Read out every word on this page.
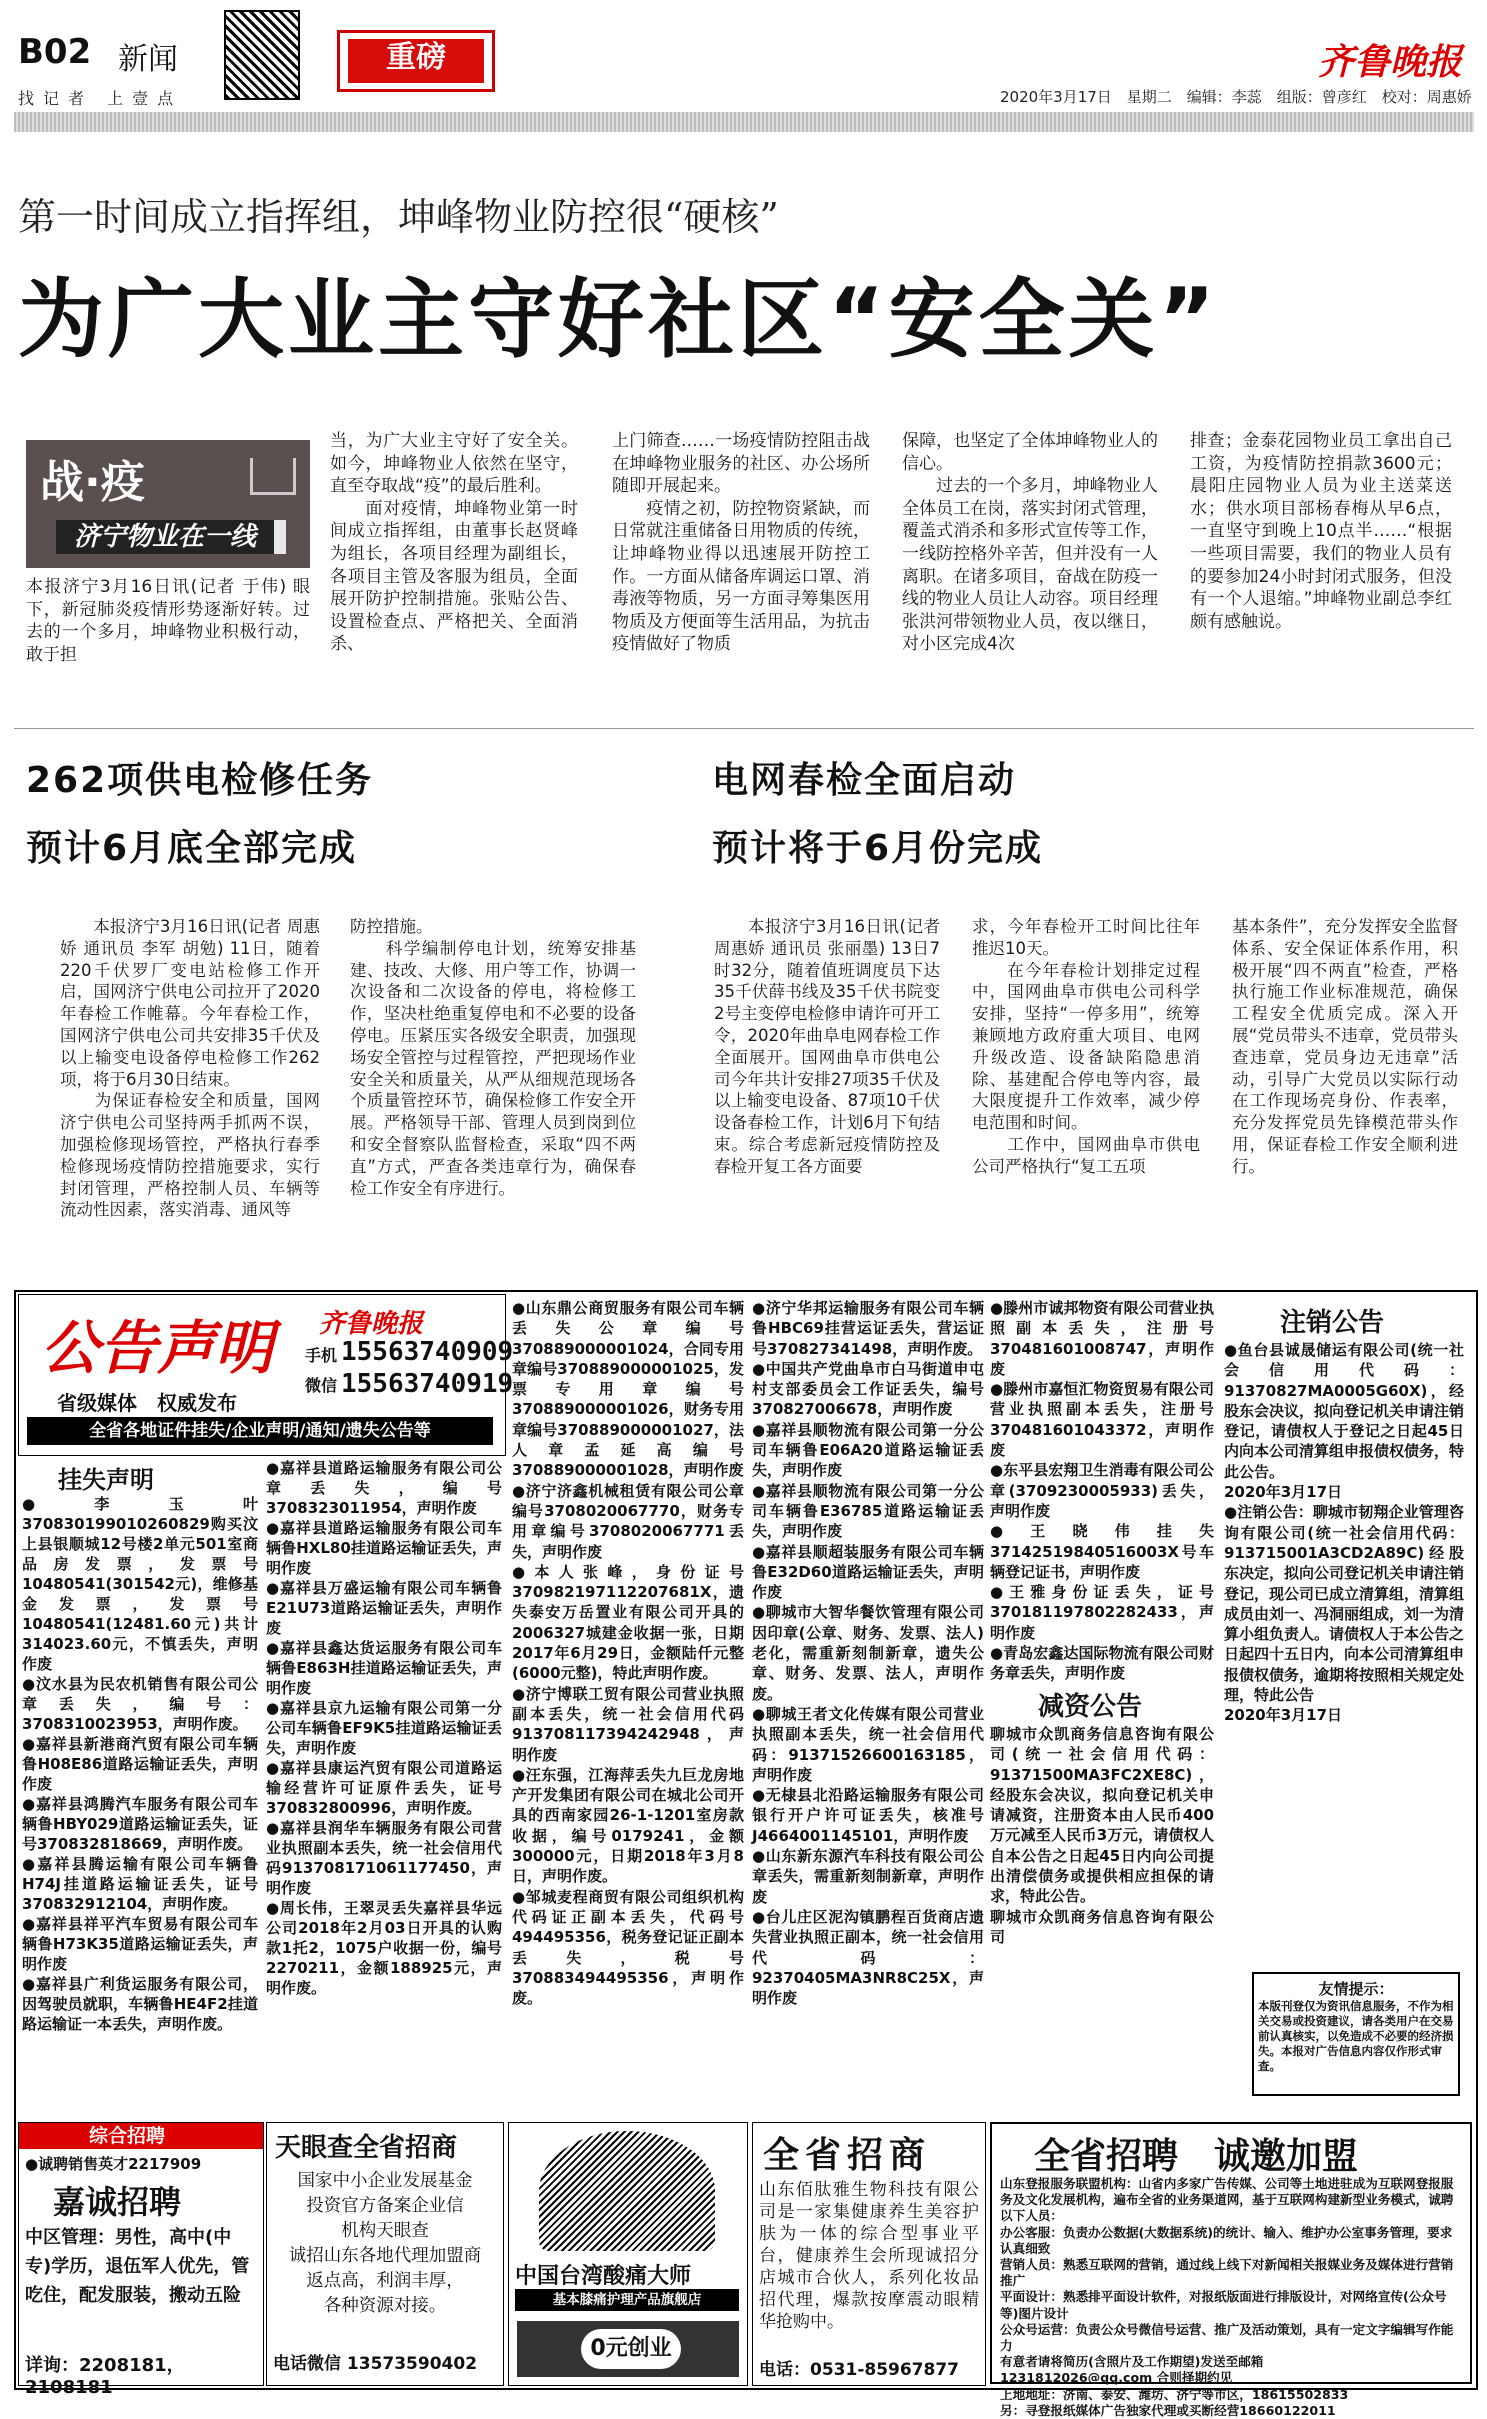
B02 新闻
找记者 上壹点
重磅	齐鲁晚报
2020年3月17日　星期二　编辑：李蕊　组版：曾彦红　校对：周惠娇
第一时间成立指挥组，坤峰物业防控很“硬核”
为广大业主守好社区“安全关”
战·疫
济宁物业在一线
本报济宁3月16日讯(记者 于伟) 眼下，新冠肺炎疫情形势逐渐好转。过去的一个多月，坤峰物业积极行动，敢于担
当，为广大业主守好了安全关。如今，坤峰物业人依然在坚守，直至夺取战“疫”的最后胜利。
　　面对疫情，坤峰物业第一时间成立指挥组，由董事长赵贤峰为组长，各项目经理为副组长，各项目主管及客服为组员，全面展开防护控制措施。张贴公告、设置检查点、严格把关、全面消杀、
上门筛查……一场疫情防控阻击战在坤峰物业服务的社区、办公场所随即开展起来。
　　疫情之初，防控物资紧缺，而日常就注重储备日用物质的传统，让坤峰物业得以迅速展开防控工作。一方面从储备库调运口罩、消毒液等物质，另一方面寻筹集医用物质及方便面等生活用品，为抗击疫情做好了物质
保障，也坚定了全体坤峰物业人的信心。
　　过去的一个多月，坤峰物业人全体员工在岗，落实封闭式管理，覆盖式消杀和多形式宣传等工作，一线防控格外辛苦，但并没有一人离职。在诸多项目，奋战在防疫一线的物业人员让人动容。项目经理张洪河带领物业人员，夜以继日，对小区完成4次
排查；金泰花园物业员工拿出自己工资，为疫情防控捐款3600元；晨阳庄园物业人员为业主送菜送水；供水项目部杨春梅从早6点，一直坚守到晚上10点半……“根据一些项目需要，我们的物业人员有的要参加24小时封闭式服务，但没有一个人退缩。”坤峰物业副总李红颇有感触说。
262项供电检修任务
预计6月底全部完成
　　本报济宁3月16日讯(记者 周惠娇 通讯员 李军 胡勉) 11日，随着220千伏罗厂变电站检修工作开启，国网济宁供电公司拉开了2020年春检工作帷幕。今年春检工作，国网济宁供电公司共安排35千伏及以上输变电设备停电检修工作262项，将于6月30日结束。
　　为保证春检安全和质量，国网济宁供电公司坚持两手抓两不误，加强检修现场管控，严格执行春季检修现场疫情防控措施要求，实行封闭管理，严格控制人员、车辆等流动性因素，落实消毒、通风等
防控措施。
　　科学编制停电计划，统筹安排基建、技改、大修、用户等工作，协调一次设备和二次设备的停电，将检修工作，坚决杜绝重复停电和不必要的设备停电。压紧压实各级安全职责，加强现场安全管控与过程管控，严把现场作业安全关和质量关，从严从细规范现场各个质量管控环节，确保检修工作安全开展。严格领导干部、管理人员到岗到位和安全督察队监督检查，采取“四不两直”方式，严查各类违章行为，确保春检工作安全有序进行。
电网春检全面启动
预计将于6月份完成
　　本报济宁3月16日讯(记者 周惠娇 通讯员 张丽墨) 13日7时32分，随着值班调度员下达35千伏薛书线及35千伏书院变2号主变停电检修申请许可开工令，2020年曲阜电网春检工作全面展开。国网曲阜市供电公司今年共计安排27项35千伏及以上输变电设备、87项10千伏设备春检工作，计划6月下旬结束。综合考虑新冠疫情防控及春检开复工各方面要
求，今年春检开工时间比往年推迟10天。
　　在今年春检计划排定过程中，国网曲阜市供电公司科学安排，坚持“一停多用”，统筹兼顾地方政府重大项目、电网升级改造、设备缺陷隐患消除、基建配合停电等内容，最大限度提升工作效率，减少停电范围和时间。
　　工作中，国网曲阜市供电公司严格执行“复工五项
基本条件”，充分发挥安全监督体系、安全保证体系作用，积极开展“四不两直”检查，严格执行施工作业标准规范，确保工程安全优质完成。深入开展“党员带头不违章，党员带头查违章，党员身边无违章”活动，引导广大党员以实际行动在工作现场亮身份、作表率，充分发挥党员先锋模范带头作用，保证春检工作安全顺利进行。
公告声明 齐鲁晚报
省级媒体　权威发布
手机 15563740909
微信 15563740919
全省各地证件挂失/企业声明/通知/遗失公告等
挂失声明
●李玉叶370830199010260829购买汶上县银顺城12号楼2单元501室商品房发票，发票号10480541(301542元)，维修基金发票，发票号10480541(12481.60元)共计314023.60元，不慎丢失，声明作废
●汶水县为民农机销售有限公司公章丢失，编号：3708310023953，声明作废。
●嘉祥县新港商汽贸有限公司车辆鲁H08E86道路运输证丢失，声明作废
●嘉祥县鸿腾汽车服务有限公司车辆鲁HBY029道路运输证丢失，证号370832818669，声明作废。
●嘉祥县腾运输有限公司车辆鲁H74J挂道路运输证丢失，证号370832912104，声明作废。
●嘉祥县祥平汽车贸易有限公司车辆鲁H73K35道路运输证丢失，声明作废
●嘉祥县广利货运服务有限公司，因驾驶员就职，车辆鲁HE4F2挂道路运输证一本丢失，声明作废。
●嘉祥县道路运输服务有限公司公章丢失，编号3708323011954，声明作废
●嘉祥县道路运输服务有限公司车辆鲁HXL80挂道路运输证丢失，声明作废
●嘉祥县万盛运输有限公司车辆鲁E21U73道路运输证丢失，声明作废
●嘉祥县鑫达货运服务有限公司车辆鲁E863H挂道路运输证丢失，声明作废
●嘉祥县京九运输有限公司第一分公司车辆鲁EF9K5挂道路运输证丢失，声明作废
●嘉祥县康运汽贸有限公司道路运输经营许可证原件丢失，证号370832800996，声明作废。
●嘉祥县润华车辆服务有限公司营业执照副本丢失，统一社会信用代码913708171061177450，声明作废
●周长伟，王翠灵丢失嘉祥县华远公司2018年2月03日开具的认购款1托2，1075户收据一份，编号2270211，金额188925元，声明作废。
●山东鼎公商贸服务有限公司车辆丢失公章编号370889000001024，合同专用章编号370889000001025，发票专用章编号370889000001026，财务专用章编号370889000001027，法人章孟延高编号370889000001028，声明作废
●济宁济鑫机械租赁有限公司公章编号3708020067770，财务专用章编号3708020067771丢失，声明作废
●本人张峰，身份证号370982197112207681X，遗失泰安万岳置业有限公司开具的2006327城建金收据一张，日期2017年6月29日，金额陆仟元整(6000元整)，特此声明作废。
●济宁博联工贸有限公司营业执照副本丢失，统一社会信用代码913708117394242948，声明作废
●汪东强，江海萍丢失九巨龙房地产开发集团有限公司在城北公司开具的西南家园26-1-1201室房款收据，编号0179241，金额300000元，日期2018年3月8日，声明作废。
●邹城麦程商贸有限公司组织机构代码证正副本丢失，代码号494495356，税务登记证正副本丢失，税号370883494495356，声明作废。
●济宁华邦运输服务有限公司车辆鲁HBC69挂营运证丢失，营运证号370827341498，声明作废。
●中国共产党曲阜市白马街道申屯村支部委员会工作证丢失，编号370827006678，声明作废
●嘉祥县顺物流有限公司第一分公司车辆鲁E06A20道路运输证丢失，声明作废
●嘉祥县顺物流有限公司第一分公司车辆鲁E36785道路运输证丢失，声明作废
●嘉祥县顺超装服务有限公司车辆鲁E32D60道路运输证丢失，声明作废
●聊城市大智华餐饮管理有限公司因印章(公章、财务、发票、法人)老化，需重新刻制新章，遗失公章、财务、发票、法人，声明作废。
●聊城王者文化传媒有限公司营业执照副本丢失，统一社会信用代码：91371526600163185，声明作废
●无棣县北沿路运输服务有限公司银行开户许可证丢失，核准号J4664001145101，声明作废
●山东新东源汽车科技有限公司公章丢失，需重新刻制新章，声明作废
●台儿庄区泥沟镇鹏程百货商店遗失营业执照正副本，统一社会信用代码：92370405MA3NR8C25X，声明作废
●滕州市诚邦物资有限公司营业执照副本丢失，注册号370481601008747，声明作废
●滕州市嘉恒汇物资贸易有限公司营业执照副本丢失，注册号370481601043372，声明作废
●东平县宏翔卫生消毒有限公司公章(3709230005933)丢失，声明作废
●王晓伟挂失37142519840516003X号车辆登记证书，声明作废
●王雅身份证丢失，证号370181197802282433，声明作废
●青岛宏鑫达国际物流有限公司财务章丢失，声明作废
减资公告
聊城市众凯商务信息咨询有限公司(统一社会信用代码：91371500MA3FC2XE8C)，经股东会决议，拟向登记机关申请减资，注册资本由人民币400万元减至人民币3万元，请债权人自本公告之日起45日内向公司提出清偿债务或提供相应担保的请求，特此公告。
聊城市众凯商务信息咨询有限公司
注销公告
●鱼台县诚晟储运有限公司(统一社会信用代码：91370827MA0005G60X)，经股东会决议，拟向登记机关申请注销登记，请债权人于登记之日起45日内向本公司清算组申报债权债务，特此公告。
2020年3月17日
●注销公告：聊城市韧翔企业管理咨询有限公司(统一社会信用代码：913715001A3CD2A89C)经股东决定，拟向公司登记机关申请注销登记，现公司已成立清算组，清算组成员由刘一、冯洞丽组成，刘一为清算小组负责人。请债权人于本公告之日起四十五日内，向本公司清算组申报债权债务，逾期将按照相关规定处理，特此公告
2020年3月17日
友情提示：
本版刊登仅为资讯信息服务，不作为相关交易或投资建议，请各类用户在交易前认真核实，以免造成不必要的经济损失。本报对广告信息内容仅作形式审查。
全省招聘　诚邀加盟
山东登报服务联盟机构：山省内多家广告传媒、公司等土地进驻成为互联网登报服务及文化发展机构，遍布全省的业务渠道网，基于互联网构建新型业务模式，诚聘以下人员：
办公客服：负责办公数据(大数据系统)的统计、输入、维护办公室事务管理，要求认真细致
营销人员：熟悉互联网的营销，通过线上线下对新闻相关报媒业务及媒体进行营销推广
平面设计：熟悉排平面设计软件，对报纸版面进行排版设计，对网络宣传(公众号等)图片设计
公众号运营：负责公众号微信号运营、推广及活动策划，具有一定文字编辑写作能力
有意者请将简历(含照片及工作期望)发送至邮箱
1231812026@qq.com 合则择期约见
上地地址：济南、泰安、潍坊、济宁等市区，18615502833
另：寻登报纸媒体广告独家代理或买断经营18660122011
综合招聘
●诚聘销售英才2217909
嘉诚招聘
中区管理：男性，高中(中专)学历，退伍军人优先，管吃住，配发服装，搬动五险
详询：2208181，2108181
天眼查全省招商
国家中小企业发展基金
投资官方备案企业信
机构天眼查
诚招山东各地代理加盟商
返点高，利润丰厚，
各种资源对接。
电话微信 13573590402
中国台湾酸痛大师
基本膝痛护理产品旗舰店
0元创业
全省招商
山东佰肽雅生物科技有限公司是一家集健康养生美容护肤为一体的综合型事业平台，健康养生会所现诚招分店城市合伙人，系列化妆品招代理，爆款按摩震动眼精华抢购中。
电话：0531-85967877
